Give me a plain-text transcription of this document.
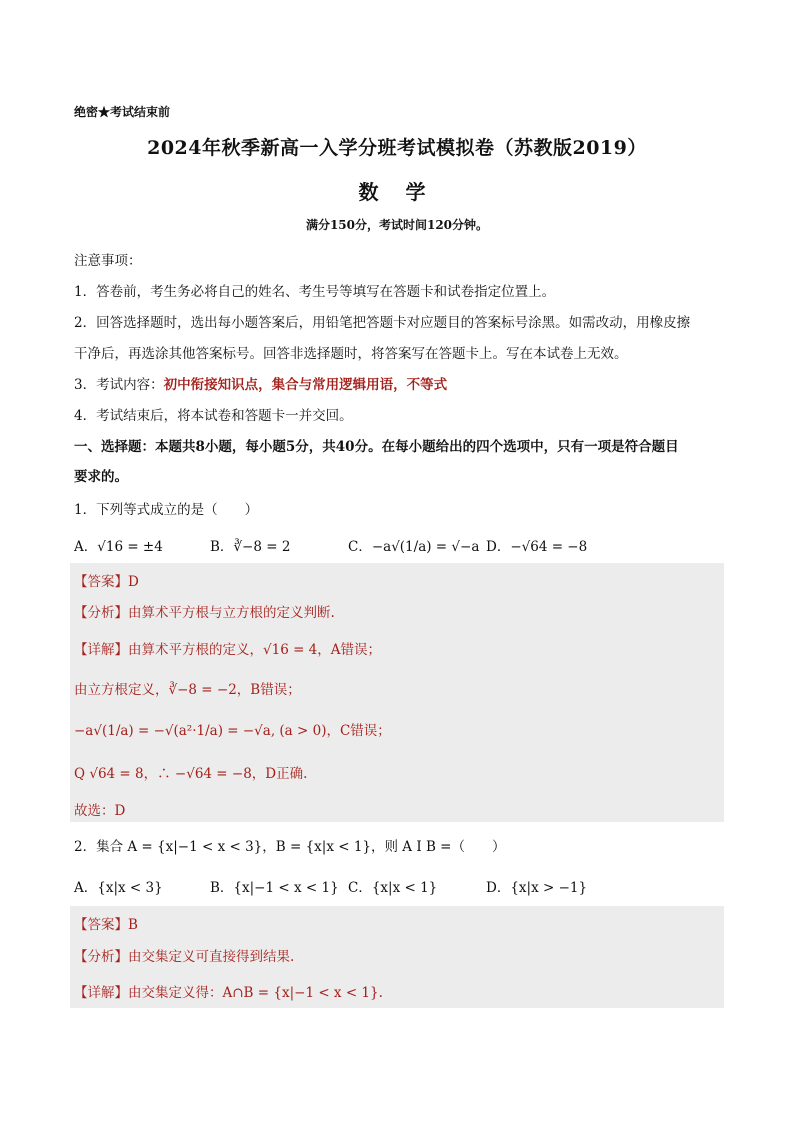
绝密★考试结束前
2024年秋季新高一入学分班考试模拟卷（苏教版2019）
数 学
满分150分，考试时间120分钟。
注意事项：
1．答卷前，考生务必将自己的姓名、考生号等填写在答题卡和试卷指定位置上。
2．回答选择题时，选出每小题答案后，用铅笔把答题卡对应题目的答案标号涂黑。如需改动，用橡皮擦
干净后，再选涂其他答案标号。回答非选择题时，将答案写在答题卡上。写在本试卷上无效。
3．考试内容：初中衔接知识点，集合与常用逻辑用语，不等式
4．考试结束后，将本试卷和答题卡一并交回。
一、选择题：本题共8小题，每小题5分，共40分。在每小题给出的四个选项中，只有一项是符合题目
要求的。
1．下列等式成立的是（　　）
A．√16 = ±4	B．∛−8 = 2	C．−a√(1/a) = √−a D．−√64 = −8
【答案】D
【分析】由算术平方根与立方根的定义判断.
【详解】由算术平方根的定义，√16 = 4，A错误；
由立方根定义，∛−8 = −2，B错误；
−a√(1/a) = −√(a²·1/a) = −√a, (a > 0)，C错误；
Q √64 = 8，∴ −√64 = −8，D正确.
故选：D
2．集合 A = {x|−1 < x < 3}，B = {x|x < 1}，则 A I B =（　　）
A．{x|x < 3}	B．{x|−1 < x < 1} C．{x|x < 1}	D．{x|x > −1}
【答案】B
【分析】由交集定义可直接得到结果.
【详解】由交集定义得：A∩B = {x|−1 < x < 1}.
